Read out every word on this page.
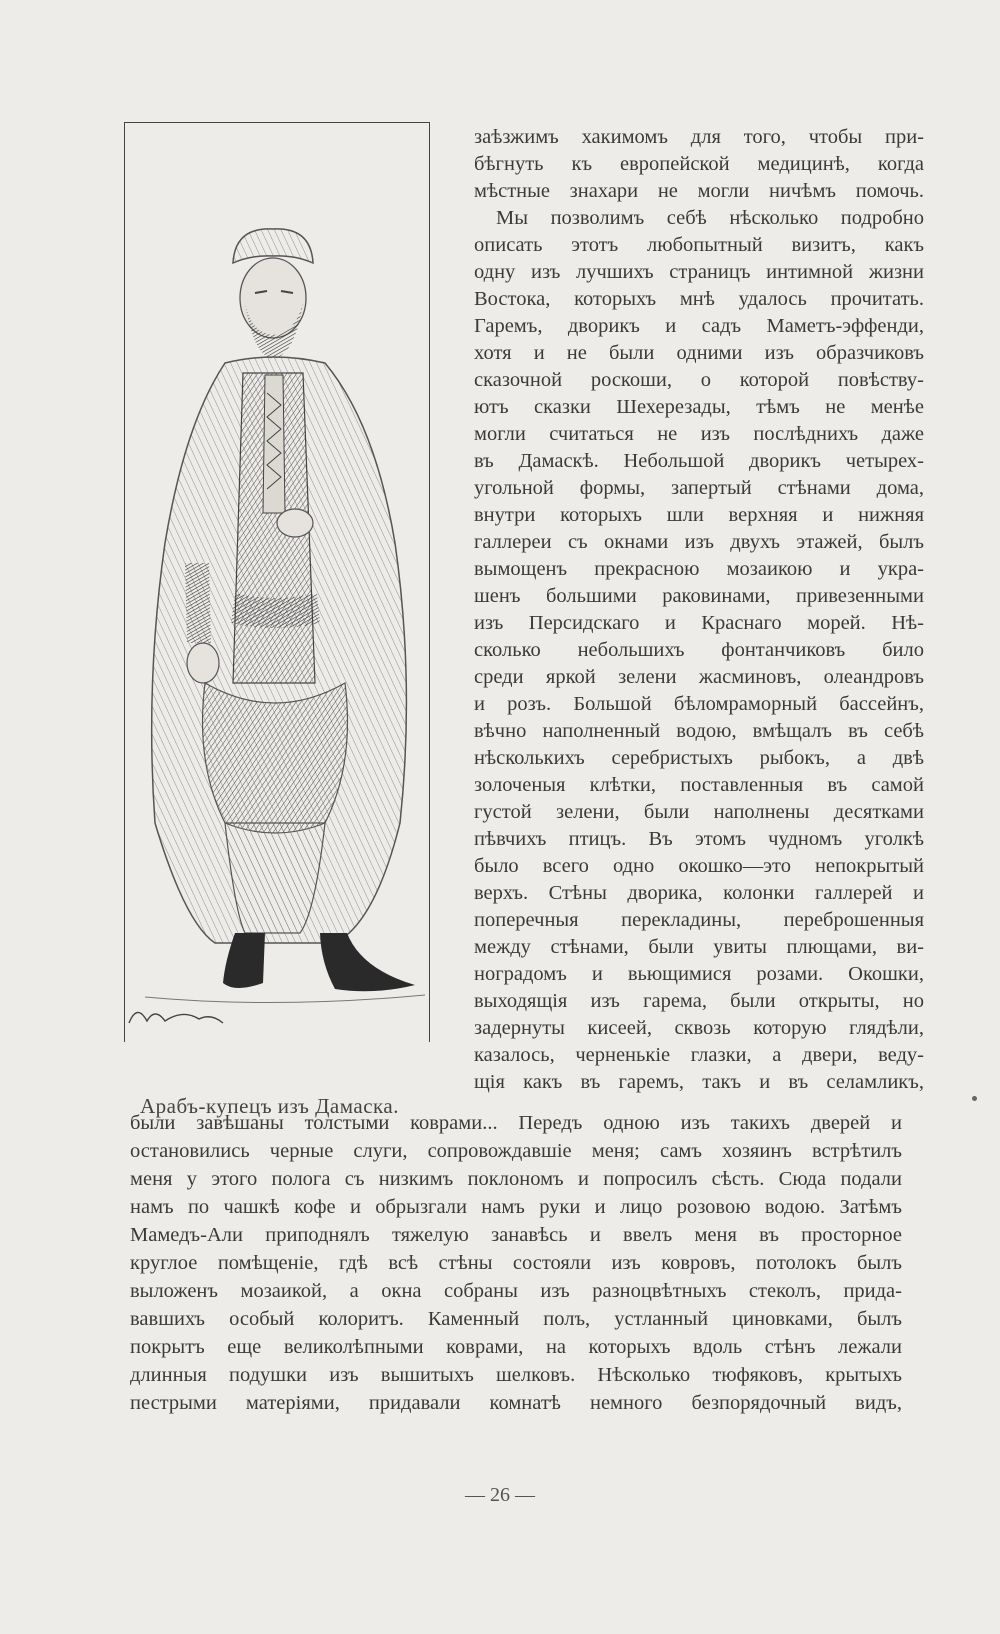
Арабъ-купецъ изъ Дамаска.
заѣзжимъ хакимомъ для того, чтобы при-
бѣгнуть къ европейской медицинѣ, когда
мѣстные знахари не могли ничѣмъ помочь.
Мы позволимъ себѣ нѣсколько подробно
описать этотъ любопытный визитъ, какъ
одну изъ лучшихъ страницъ интимной жизни
Востока, которыхъ мнѣ удалось прочитать.
Гаремъ, дворикъ и садъ Маметъ-эффенди,
хотя и не были одними изъ образчиковъ
сказочной роскоши, о которой повѣству-
ютъ сказки Шехерезады, тѣмъ не менѣе
могли считаться не изъ послѣднихъ даже
въ Дамаскѣ. Небольшой дворикъ четырех-
угольной формы, запертый стѣнами дома,
внутри которыхъ шли верхняя и нижняя
галлереи съ окнами изъ двухъ этажей, былъ
вымощенъ прекрасною мозаикою и укра-
шенъ большими раковинами, привезенными
изъ Персидскаго и Краснаго морей. Нѣ-
сколько небольшихъ фонтанчиковъ било
среди яркой зелени жасминовъ, олеандровъ
и розъ. Большой бѣломраморный бассейнъ,
вѣчно наполненный водою, вмѣщалъ въ себѣ
нѣсколькихъ серебристыхъ рыбокъ, а двѣ
золоченыя клѣтки, поставленныя въ самой
густой зелени, были наполнены десятками
пѣвчихъ птицъ. Въ этомъ чудномъ уголкѣ
было всего одно окошко—это непокрытый
верхъ. Стѣны дворика, колонки галлерей и
поперечныя перекладины, переброшенныя
между стѣнами, были увиты плющами, ви-
ноградомъ и вьющимися розами. Окошки,
выходящія изъ гарема, были открыты, но
задернуты кисеей, сквозь которую глядѣли,
казалось, черненькіе глазки, а двери, веду-
щія какъ въ гаремъ, такъ и въ селамликъ,
были завѣшаны толстыми коврами... Передъ одною изъ такихъ дверей и
остановились черные слуги, сопровождавшіе меня; самъ хозяинъ встрѣтилъ
меня у этого полога съ низкимъ поклономъ и попросилъ сѣсть. Сюда подали
намъ по чашкѣ кофе и обрызгали намъ руки и лицо розовою водою. Затѣмъ
Мамедъ-Али приподнялъ тяжелую занавѣсь и ввелъ меня въ просторное
круглое помѣщеніе, гдѣ всѣ стѣны состояли изъ ковровъ, потолокъ былъ
выложенъ мозаикой, а окна собраны изъ разноцвѣтныхъ стеколъ, прида-
вавшихъ особый колоритъ. Каменный полъ, устланный циновками, былъ
покрытъ еще великолѣпными коврами, на которыхъ вдоль стѣнъ лежали
длинныя подушки изъ вышитыхъ шелковъ. Нѣсколько тюфяковъ, крытыхъ
пестрыми матеріями, придавали комнатѣ немного безпорядочный видъ,
— 26 —
